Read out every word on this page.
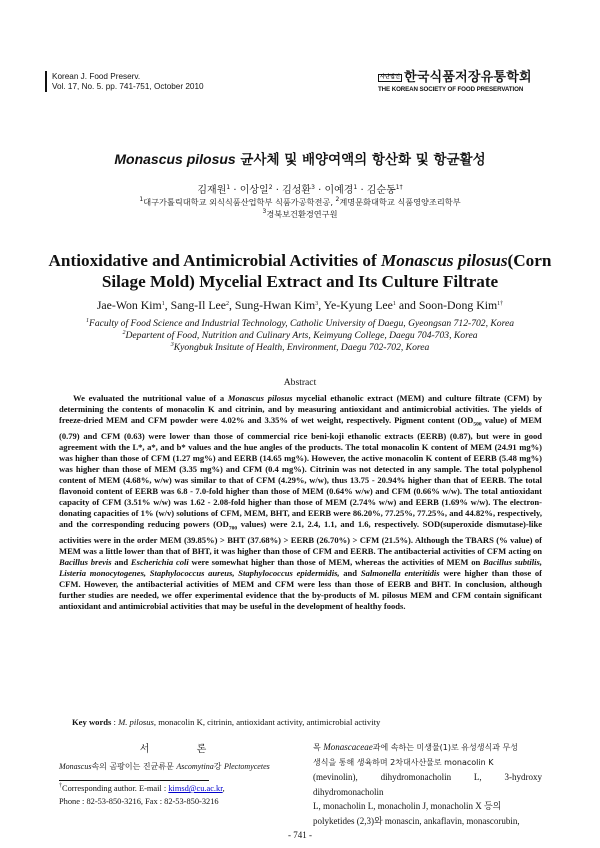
Korean J. Food Preserv.
Vol. 17, No. 5. pp. 741-751, October 2010
사단법인 한국식품저장유통학회
THE KOREAN SOCIETY OF FOOD PRESERVATION
Monascus pilosus 균사체 및 배양여액의 항산화 및 항균활성
김재원$^1$ · 이상일$^2$ · 김성환$^3$ · 이예경$^1$ · 김순동$^{1\dagger}$
$^1$대구가톨릭대학교 외식식품산업학부 식품가공학전공, $^2$계명문화대학교 식품영양조리학부
$^3$경북보건환경연구원
Antioxidative and Antimicrobial Activities of Monascus pilosus(Corn Silage Mold) Mycelial Extract and Its Culture Filtrate
Jae-Won Kim$^1$, Sang-Il Lee$^2$, Sung-Hwan Kim$^3$, Ye-Kyung Lee$^1$ and Soon-Dong Kim$^{1\dagger}$
$^1$Faculty of Food Science and Industrial Technology, Catholic University of Daegu, Gyeongsan 712-702, Korea
$^2$Departent of Food, Nutrition and Culinary Arts, Keimyung College, Daegu 704-703, Korea
$^3$Kyongbuk Insitute of Health, Environment, Daegu 702-702, Korea
Abstract

We evaluated the nutritional value of a Monascus pilosus mycelial ethanolic extract (MEM) and culture filtrate (CFM) by determining the contents of monacolin K and citrinin, and by measuring antioxidant and antimicrobial activities. The yields of freeze-dried MEM and CFM powder were 4.02% and 3.35% of wet weight, respectively. Pigment content ($OD_{500}$ value) of MEM (0.79) and CFM (0.63) were lower than those of commercial rice beni-koji ethanolic extracts (EERB) (0.87), but were in good agreement with the L*, a*, and b* values and the hue angles of the products. The total monacolin K content of MEM (24.91 mg%) was higher than those of CFM (1.27 mg%) and EERB (14.65 mg%). However, the active monacolin K content of EERB (5.48 mg%) was higher than those of MEM (3.35 mg%) and CFM (0.4 mg%). Citrinin was not detected in any sample. The total polyphenol content of MEM (4.68%, w/w) was similar to that of CFM (4.29%, w/w), thus 13.75 - 20.94% higher than that of EERB. The total flavonoid content of EERB was 6.8 - 7.0-fold higher than those of MEM (0.64% w/w) and CFM (0.66% w/w). The total antioxidant capacity of CFM (3.51% w/w) was 1.62 - 2.08-fold higher than those of MEM (2.74% w/w) and EERB (1.69% w/w). The electron-donating capacities of 1% (w/v) solutions of CFM, MEM, BHT, and EERB were 86.20%, 77.25%, 77.25%, and 44.82%, respectively, and the corresponding reducing powers ($OD_{700}$ values) were 2.1, 2.4, 1.1, and 1.6, respectively. SOD(superoxide dismutase)-like activities were in the order MEM (39.85%) > BHT (37.68%) > EERB (26.70%) > CFM (21.5%). Although the TBARS (% value) of MEM was a little lower than that of BHT, it was higher than those of CFM and EERB. The antibacterial activities of CFM acting on Bacillus brevis and Escherichia coli were somewhat higher than those of MEM, whereas the activities of MEM on Bacillus subtilis, Listeria monocytogenes, Staphylococcus aureus, Staphylococcus epidermidis, and Salmonella enteritidis were higher than those of CFM. However, the antibacterial activities of MEM and CFM were less than those of EERB and BHT. In conclusion, although further studies are needed, we offer experimental evidence that the by-products of M. pilosus MEM and CFM contain significant antioxidant and antimicrobial activities that may be useful in the development of healthy foods.

Key words : M. pilosus, monacolin K, citrinin, antioxidant activity, antimicrobial activity
서 론
Monascus속의 곰팡이는 진균류문 Ascomytina강 Plectomycetes
†Corresponding author. E-mail : kimsd@cu.ac.kr,
Phone : 82-53-850-3216, Fax : 82-53-850-3216
목 Monascaceae과에 속하는 미생물(1)로 유성생식과 무성
생식을 통해 생육하며 2차대사산물로 monacolin K
(mevinolin), dihydromonacholin L, 3-hydroxy dihydromonacholin
L, monacholin L, monacholin J, monacholin X 등의
polyketides (2,3)와 monascin, ankaflavin, monascorubin,
- 741 -
